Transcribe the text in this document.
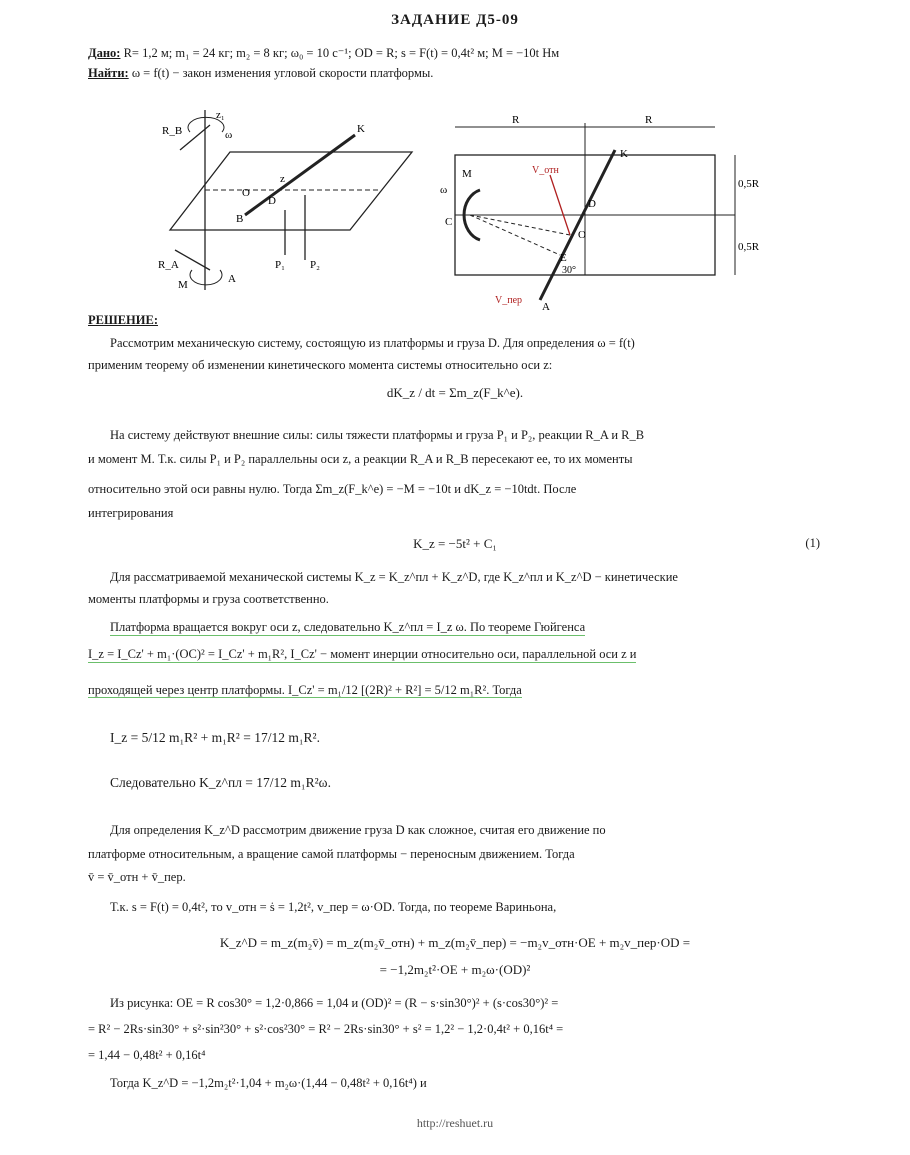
ЗАДАНИЕ Д5-09
Дано: R= 1,2 м; m₁ = 24 кг; m₂ = 8 кг; ω₀ = 10 с⁻¹; OD = R; s = F(t) = 0,4t² м; M = −10t Нм
Найти: ω = f(t) − закон изменения угловой скорости платформы.
z₁
ω
R_B	K
z
O
D
B
R_A
A
P₁ P₂
M
R	R
0,5R
0,5R
M
ω
C
K
D
O
A
E
V_отн
V_пер
30°
РЕШЕНИЕ:
Рассмотрим механическую систему, состоящую из платформы и груза D. Для определения ω = f(t)
применим теорему об изменении кинетического момента системы относительно оси z:
dK_z / dt = Σm_z(F_k^e).
На систему действуют внешние силы: силы тяжести платформы и груза P₁ и P₂, реакции R_A и R_B
и момент M. Т.к. силы P₁ и P₂ параллельны оси z, а реакции R_A и R_B пересекают ее, то их моменты
относительно этой оси равны нулю. Тогда Σm_z(F_k^e) = −M = −10t и dK_z = −10tdt. После
интегрирования
K_z = −5t² + C₁	(1)
Для рассматриваемой механической системы K_z = K_z^пл + K_z^D, где K_z^пл и K_z^D − кинетические
моменты платформы и груза соответственно.
Платформа вращается вокруг оси z, следовательно K_z^пл = I_z ω. По теореме Гюйгенса
I_z = I_Cz' + m₁·(OC)² = I_Cz' + m₁R², I_Cz' − момент инерции относительно оси, параллельной оси z и
проходящей через центр платформы. I_Cz' = m₁/12 [(2R)² + R²] = 5/12 m₁R². Тогда
I_z = 5/12 m₁R² + m₁R² = 17/12 m₁R².
Следовательно K_z^пл = 17/12 m₁R²ω.
Для определения K_z^D рассмотрим движение груза D как сложное, считая его движение по
платформе относительным, а вращение самой платформы − переносным движением. Тогда
v̄ = v̄_отн + v̄_пер.
Т.к. s = F(t) = 0,4t², то v_отн = ṡ = 1,2t², v_пер = ω·OD. Тогда, по теореме Вариньона,
K_z^D = m_z(m₂v̄) = m_z(m₂v̄_отн) + m_z(m₂v̄_пер) = −m₂v_отн·OE + m₂v_пер·OD =
= −1,2m₂t²·OE + m₂ω·(OD)²
Из рисунка: OE = R cos30° = 1,2·0,866 = 1,04 и (OD)² = (R − s·sin30°)² + (s·cos30°)² =
= R² − 2Rs·sin30° + s²·sin²30° + s²·cos²30° = R² − 2Rs·sin30° + s² = 1,2² − 1,2·0,4t² + 0,16t⁴ =
= 1,44 − 0,48t² + 0,16t⁴
Тогда K_z^D = −1,2m₂t²·1,04 + m₂ω·(1,44 − 0,48t² + 0,16t⁴) и
http://reshuet.ru
